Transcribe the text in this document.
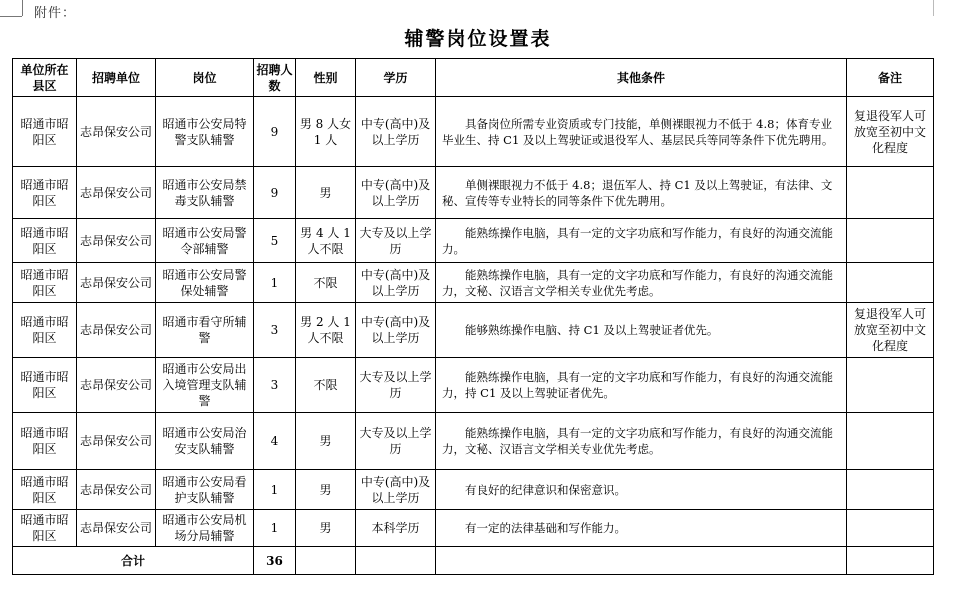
附件：
辅警岗位设置表
单位所在县区	招聘单位	岗位	招聘人数	性别	学历	其他条件	备注
昭通市昭阳区	志昂保安公司	昭通市公安局特警支队辅警	9	男 8 人女 1 人	中专(高中)及以上学历	具备岗位所需专业资质或专门技能，单侧裸眼视力不低于 4.8；体育专业毕业生、持 C1 及以上驾驶证或退役军人、基层民兵等同等条件下优先聘用。	复退役军人可放宽至初中文化程度
昭通市昭阳区	志昂保安公司	昭通市公安局禁毒支队辅警	9	男	中专(高中)及以上学历	单侧裸眼视力不低于 4.8；退伍军人、持 C1 及以上驾驶证，有法律、文秘、宣传等专业特长的同等条件下优先聘用。	

昭通市昭阳区	志昂保安公司	昭通市公安局警令部辅警	5	男 4 人 1 人不限	大专及以上学历	能熟练操作电脑，具有一定的文字功底和写作能力，有良好的沟通交流能力。	

昭通市昭阳区	志昂保安公司	昭通市公安局警保处辅警	1	不限	中专(高中)及以上学历	能熟练操作电脑，具有一定的文字功底和写作能力，有良好的沟通交流能力，文秘、汉语言文学相关专业优先考虑。	

昭通市昭阳区	志昂保安公司	昭通市看守所辅警	3	男 2 人 1 人不限	中专(高中)及以上学历	能够熟练操作电脑、持 C1 及以上驾驶证者优先。	复退役军人可放宽至初中文化程度
昭通市昭阳区	志昂保安公司	昭通市公安局出入境管理支队辅警	3	不限	大专及以上学历	能熟练操作电脑，具有一定的文字功底和写作能力，有良好的沟通交流能力，持 C1 及以上驾驶证者优先。	

昭通市昭阳区	志昂保安公司	昭通市公安局治安支队辅警	4	男	大专及以上学历	能熟练操作电脑，具有一定的文字功底和写作能力，有良好的沟通交流能力，文秘、汉语言文学相关专业优先考虑。	

昭通市昭阳区	志昂保安公司	昭通市公安局看护支队辅警	1	男	中专(高中)及以上学历	有良好的纪律意识和保密意识。	

昭通市昭阳区	志昂保安公司	昭通市公安局机场分局辅警	1	男	本科学历	有一定的法律基础和写作能力。	

合计			36				
